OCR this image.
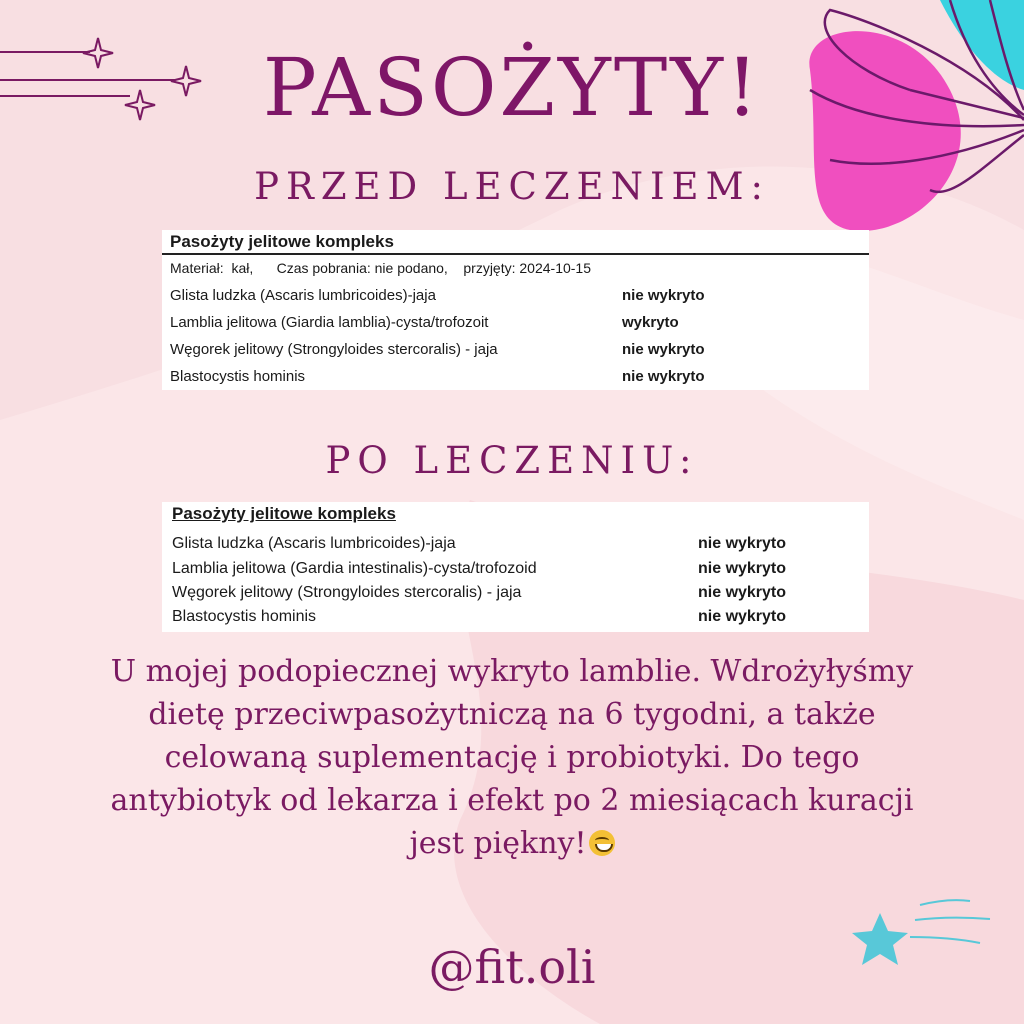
PASOŻYTY!
PRZED LECZENIEM:
Pasożyty jelitowe kompleks
Materiał:  kał,      Czas pobrania: nie podano,    przyjęty: 2024-10-15
Glista ludzka (Ascaris lumbricoides)-jaja	nie wykryto
Lamblia jelitowa (Giardia lamblia)-cysta/trofozoit	wykryto
Węgorek jelitowy (Strongyloides stercoralis) - jaja	nie wykryto
Blastocystis hominis	nie wykryto
PO LECZENIU:
Pasożyty jelitowe kompleks
Glista ludzka (Ascaris lumbricoides)-jaja	nie wykryto
Lamblia jelitowa (Gardia intestinalis)-cysta/trofozoid	nie wykryto
Węgorek jelitowy (Strongyloides stercoralis) - jaja	nie wykryto
Blastocystis hominis	nie wykryto
U mojej podopiecznej wykryto lamblie. Wdrożyłyśmy dietę przeciwpasożytniczą na 6 tygodni, a także celowaną suplementację i probiotyki. Do tego antybiotyk od lekarza i efekt po 2 miesiącach kuracji jest piękny!
@fit.oli
